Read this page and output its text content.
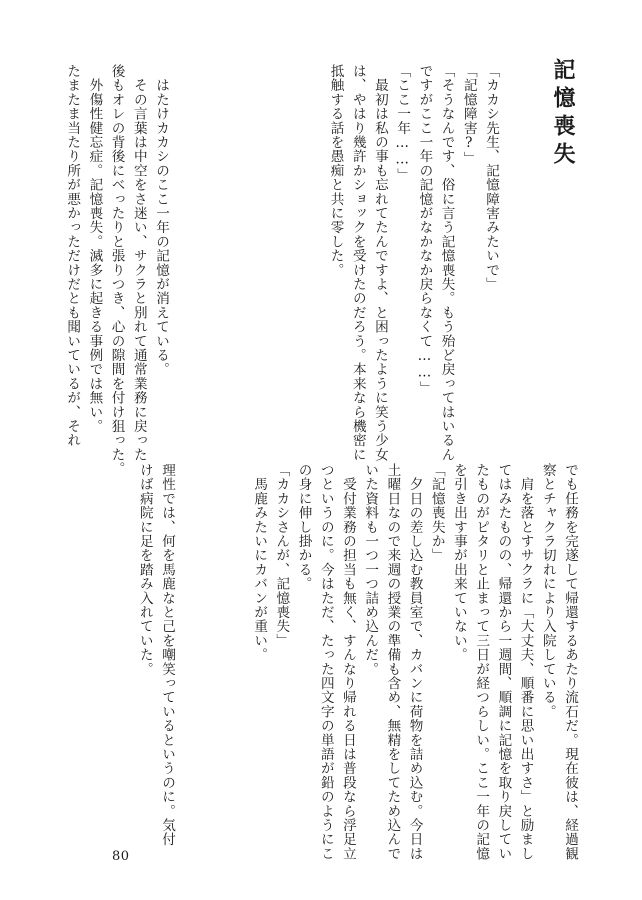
記憶喪失
「カカシ先生、記憶障害みたいで」
「記憶障害?」
「そうなんです、俗に言う記憶喪失。もう殆ど戻ってはいるん
ですがここ一年の記憶がなかなか戻らなくて……」
「ここ一年……」
　最初は私の事も忘れてたんですよ、と困ったように笑う少女
は、やはり幾許かショックを受けたのだろう。本来なら機密に
抵触する話を愚痴と共に零した。
　はたけカカシのここ一年の記憶が消えている。
　その言葉は中空をさ迷い、サクラと別れて通常業務に戻った
後もオレの背後にべったりと張りつき、心の隙間を付け狙った。
　外傷性健忘症。記憶喪失。滅多に起きる事例では無い。
たまたま当たり所が悪かっただけだとも聞いているが、それ
でも任務を完遂して帰還するあたり流石だ。現在彼は、経過観
察とチャクラ切れにより入院している。
　肩を落とすサクラに「大丈夫、順番に思い出すさ」と励まし
てはみたものの、帰還から一週間、順調に記憶を取り戻してい
たものがピタリと止まって三日が経つらしい。ここ一年の記憶
を引き出す事が出来ていない。
「記憶喪失か」
　夕日の差し込む教員室で、カバンに荷物を詰め込む。今日は
土曜日なので来週の授業の準備も含め、無精をしてため込んで
いた資料も一つ一つ詰め込んだ。
　受付業務の担当も無く、すんなり帰れる日は普段なら浮足立
つというのに。今はただ、たった四文字の単語が鉛のようにこ
の身に伸し掛かる。
「カカシさんが、記憶喪失」
　馬鹿みたいにカバンが重い。
理性では、何を馬鹿なと己を嘲笑っているというのに。気付
けば病院に足を踏み入れていた。
80
